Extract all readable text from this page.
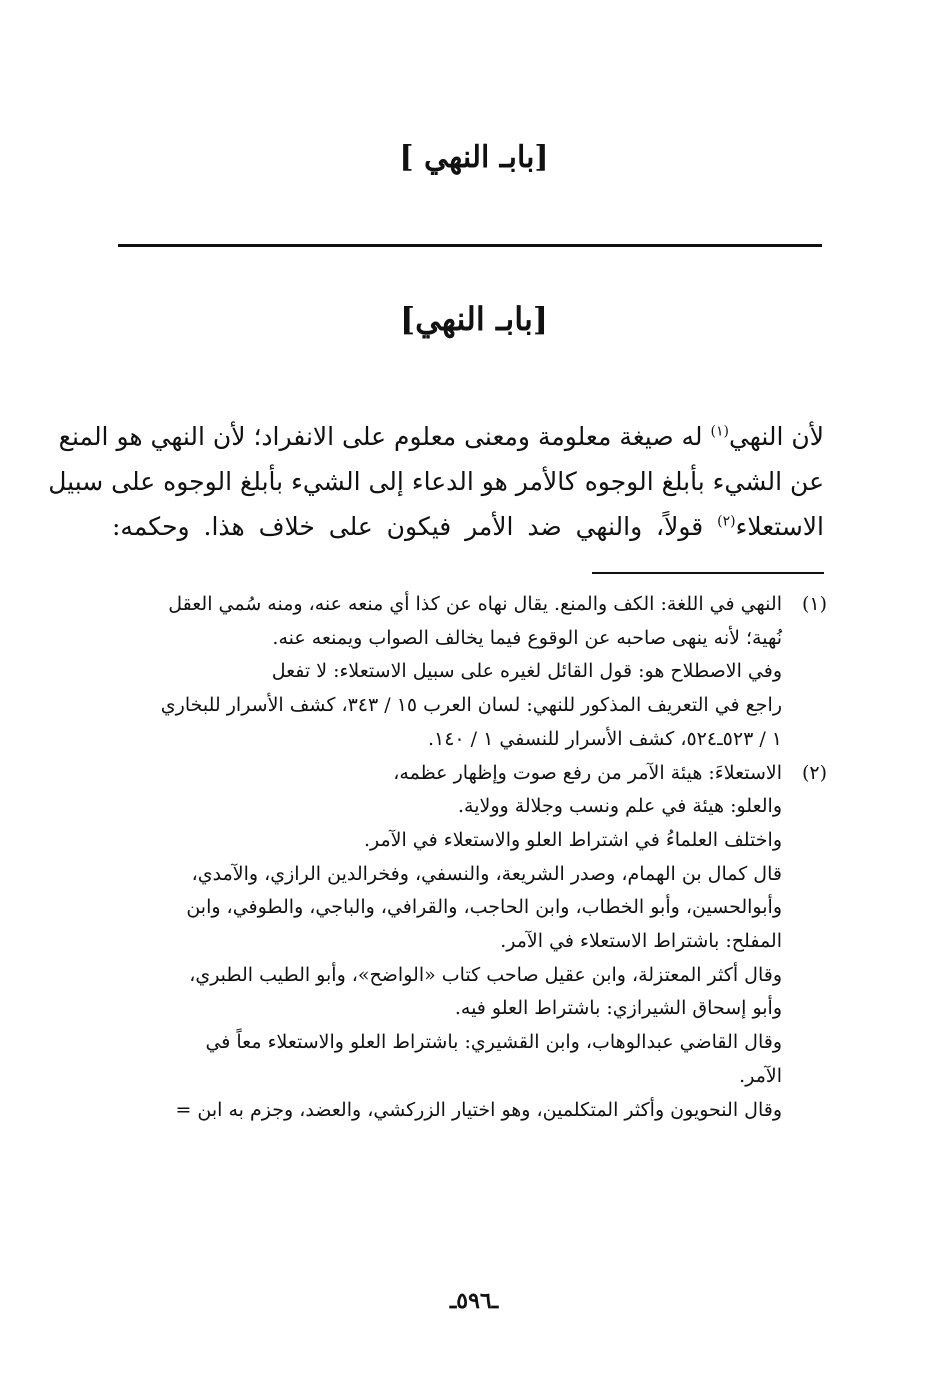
[بابـ النهي ]
[بابـ النهي]
لأن النهي$^{(١)}$ له صيغة معلومة ومعنى معلوم على الانفراد؛ لأن النهي هو المنع
عن الشيء بأبلغ الوجوه كالأمر هو الدعاء إلى الشيء بأبلغ الوجوه على سبيل
الاستعلاء$^{(٢)}$ قولاً، والنهي ضد الأمر فيكون على خلاف هذا. وحكمه:
(١)النهي في اللغة: الكف والمنع. يقال نهاه عن كذا أي منعه عنه، ومنه سُمي العقل
نُهية؛ لأنه ينهى صاحبه عن الوقوع فيما يخالف الصواب ويمنعه عنه.
وفي الاصطلاح هو: قول القائل لغيره على سبيل الاستعلاء: لا تفعل
راجع في التعريف المذكور للنهي: لسان العرب ١٥ / ٣٤٣، كشف الأسرار للبخاري
١ / ٥٢٣ـ٥٢٤، كشف الأسرار للنسفي ١ / ١٤٠.
(٢)الاستعلاءَ: هيئة الآمر من رفع صوت وإظهار عظمه،
والعلو: هيئة في علم ونسب وجلالة وولاية.
واختلف العلماءُ في اشتراط العلو والاستعلاء في الآمر.
قال كمال بن الهمام، وصدر الشريعة، والنسفي، وفخرالدين الرازي، والآمدي،
وأبوالحسين، وأبو الخطاب، وابن الحاجب، والقرافي، والباجي، والطوفي، وابن
المفلح: باشتراط الاستعلاء في الآمر.
وقال أكثر المعتزلة، وابن عقيل صاحب كتاب «الواضح»، وأبو الطيب الطبري،
وأبو إسحاق الشيرازي: باشتراط العلو فيه.
وقال القاضي عبدالوهاب، وابن القشيري: باشتراط العلو والاستعلاء معاً في
الآمر.
وقال النحويون وأكثر المتكلمين، وهو اختيار الزركشي، والعضد، وجزم به ابن =
ـ٥٩٦ـ
